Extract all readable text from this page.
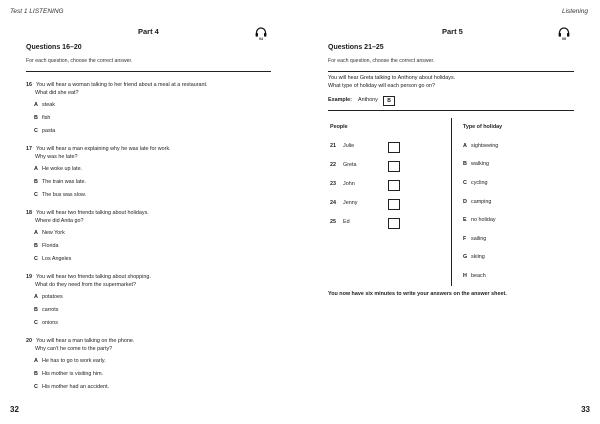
Test 1 LISTENING	Listening
Part 4
04
Questions 16–20
For each question, choose the correct answer.
16 You will hear a woman talking to her friend about a meal at a restaurant.
What did she eat?
A steak
B fish
C pasta
17 You will hear a man explaining why he was late for work.
Why was he late?
A He woke up late.
B The train was late.
C The bus was slow.
18 You will hear two friends talking about holidays.
Where did Anita go?
A New York
B Florida
C Los Angeles
19 You will hear two friends talking about shopping.
What do they need from the supermarket?
A potatoes
B carrots
C onions
20 You will hear a man talking on the phone.
Why can't he come to the party?
A He has to go to work early.
B His mother is visiting him.
C His mother had an accident.
32
Part 5
05
Questions 21–25
For each question, choose the correct answer.
You will hear Greta talking to Anthony about holidays.
What type of holiday will each person go on?
Example: Anthony	B
People	Type of holiday
21 Julie
22 Greta
23 John
24 Jenny
25 Ed
A sightseeing
B walking
C cycling
D camping
E no holiday
F sailing
G skiing
H beach
You now have six minutes to write your answers on the answer sheet.
33
